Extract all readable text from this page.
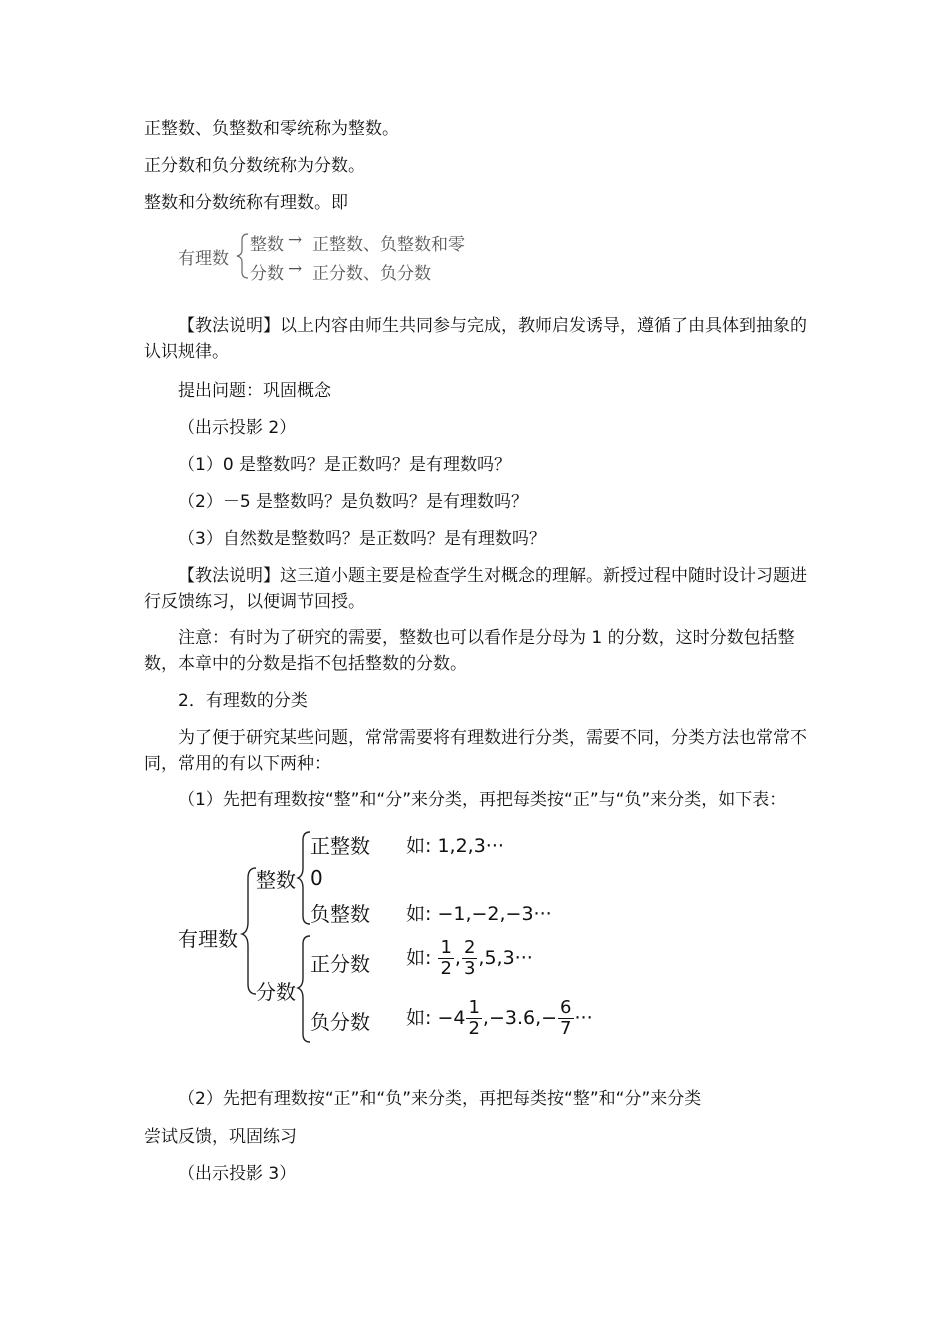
正整数、负整数和零统称为整数。

正分数和负分数统称为分数。

整数和分数统称有理数。即

有理数
整数 → 正整数、负整数和零
分数 → 正分数、负分数

【教法说明】以上内容由师生共同参与完成，教师启发诱导，遵循了由具体到抽象的认识规律。

提出问题：巩固概念

（出示投影 2）

（1）0 是整数吗？是正数吗？是有理数吗？

（2）－5 是整数吗？是负数吗？是有理数吗？

（3）自然数是整数吗？是正数吗？是有理数吗？

【教法说明】这三道小题主要是检查学生对概念的理解。新授过程中随时设计习题进行反馈练习，以便调节回授。

注意：有时为了研究的需要，整数也可以看作是分母为 1 的分数，这时分数包括整数，本章中的分数是指不包括整数的分数。

2．有理数的分类

为了便于研究某些问题，常常需要将有理数进行分类，需要不同，分类方法也常常不同，常用的有以下两种：

（1）先把有理数按“整”和“分”来分类，再把每类按“正”与“负”来分类，如下表：

有理数
整数
分数
正整数
0
负整数
正分数
负分数
如: 1,2,3···
如: −1,−2,−3···
如: $\frac{1}{2}$ , $\frac{2}{3} ,5,3\cdot\cdot\cdot$
如: $-4 \frac{1}{2} ,-3.6,- \frac{6}{7}$ ···

（2）先把有理数按“正”和“负”来分类，再把每类按“整”和“分”来分类

尝试反馈，巩固练习

（出示投影 3）
